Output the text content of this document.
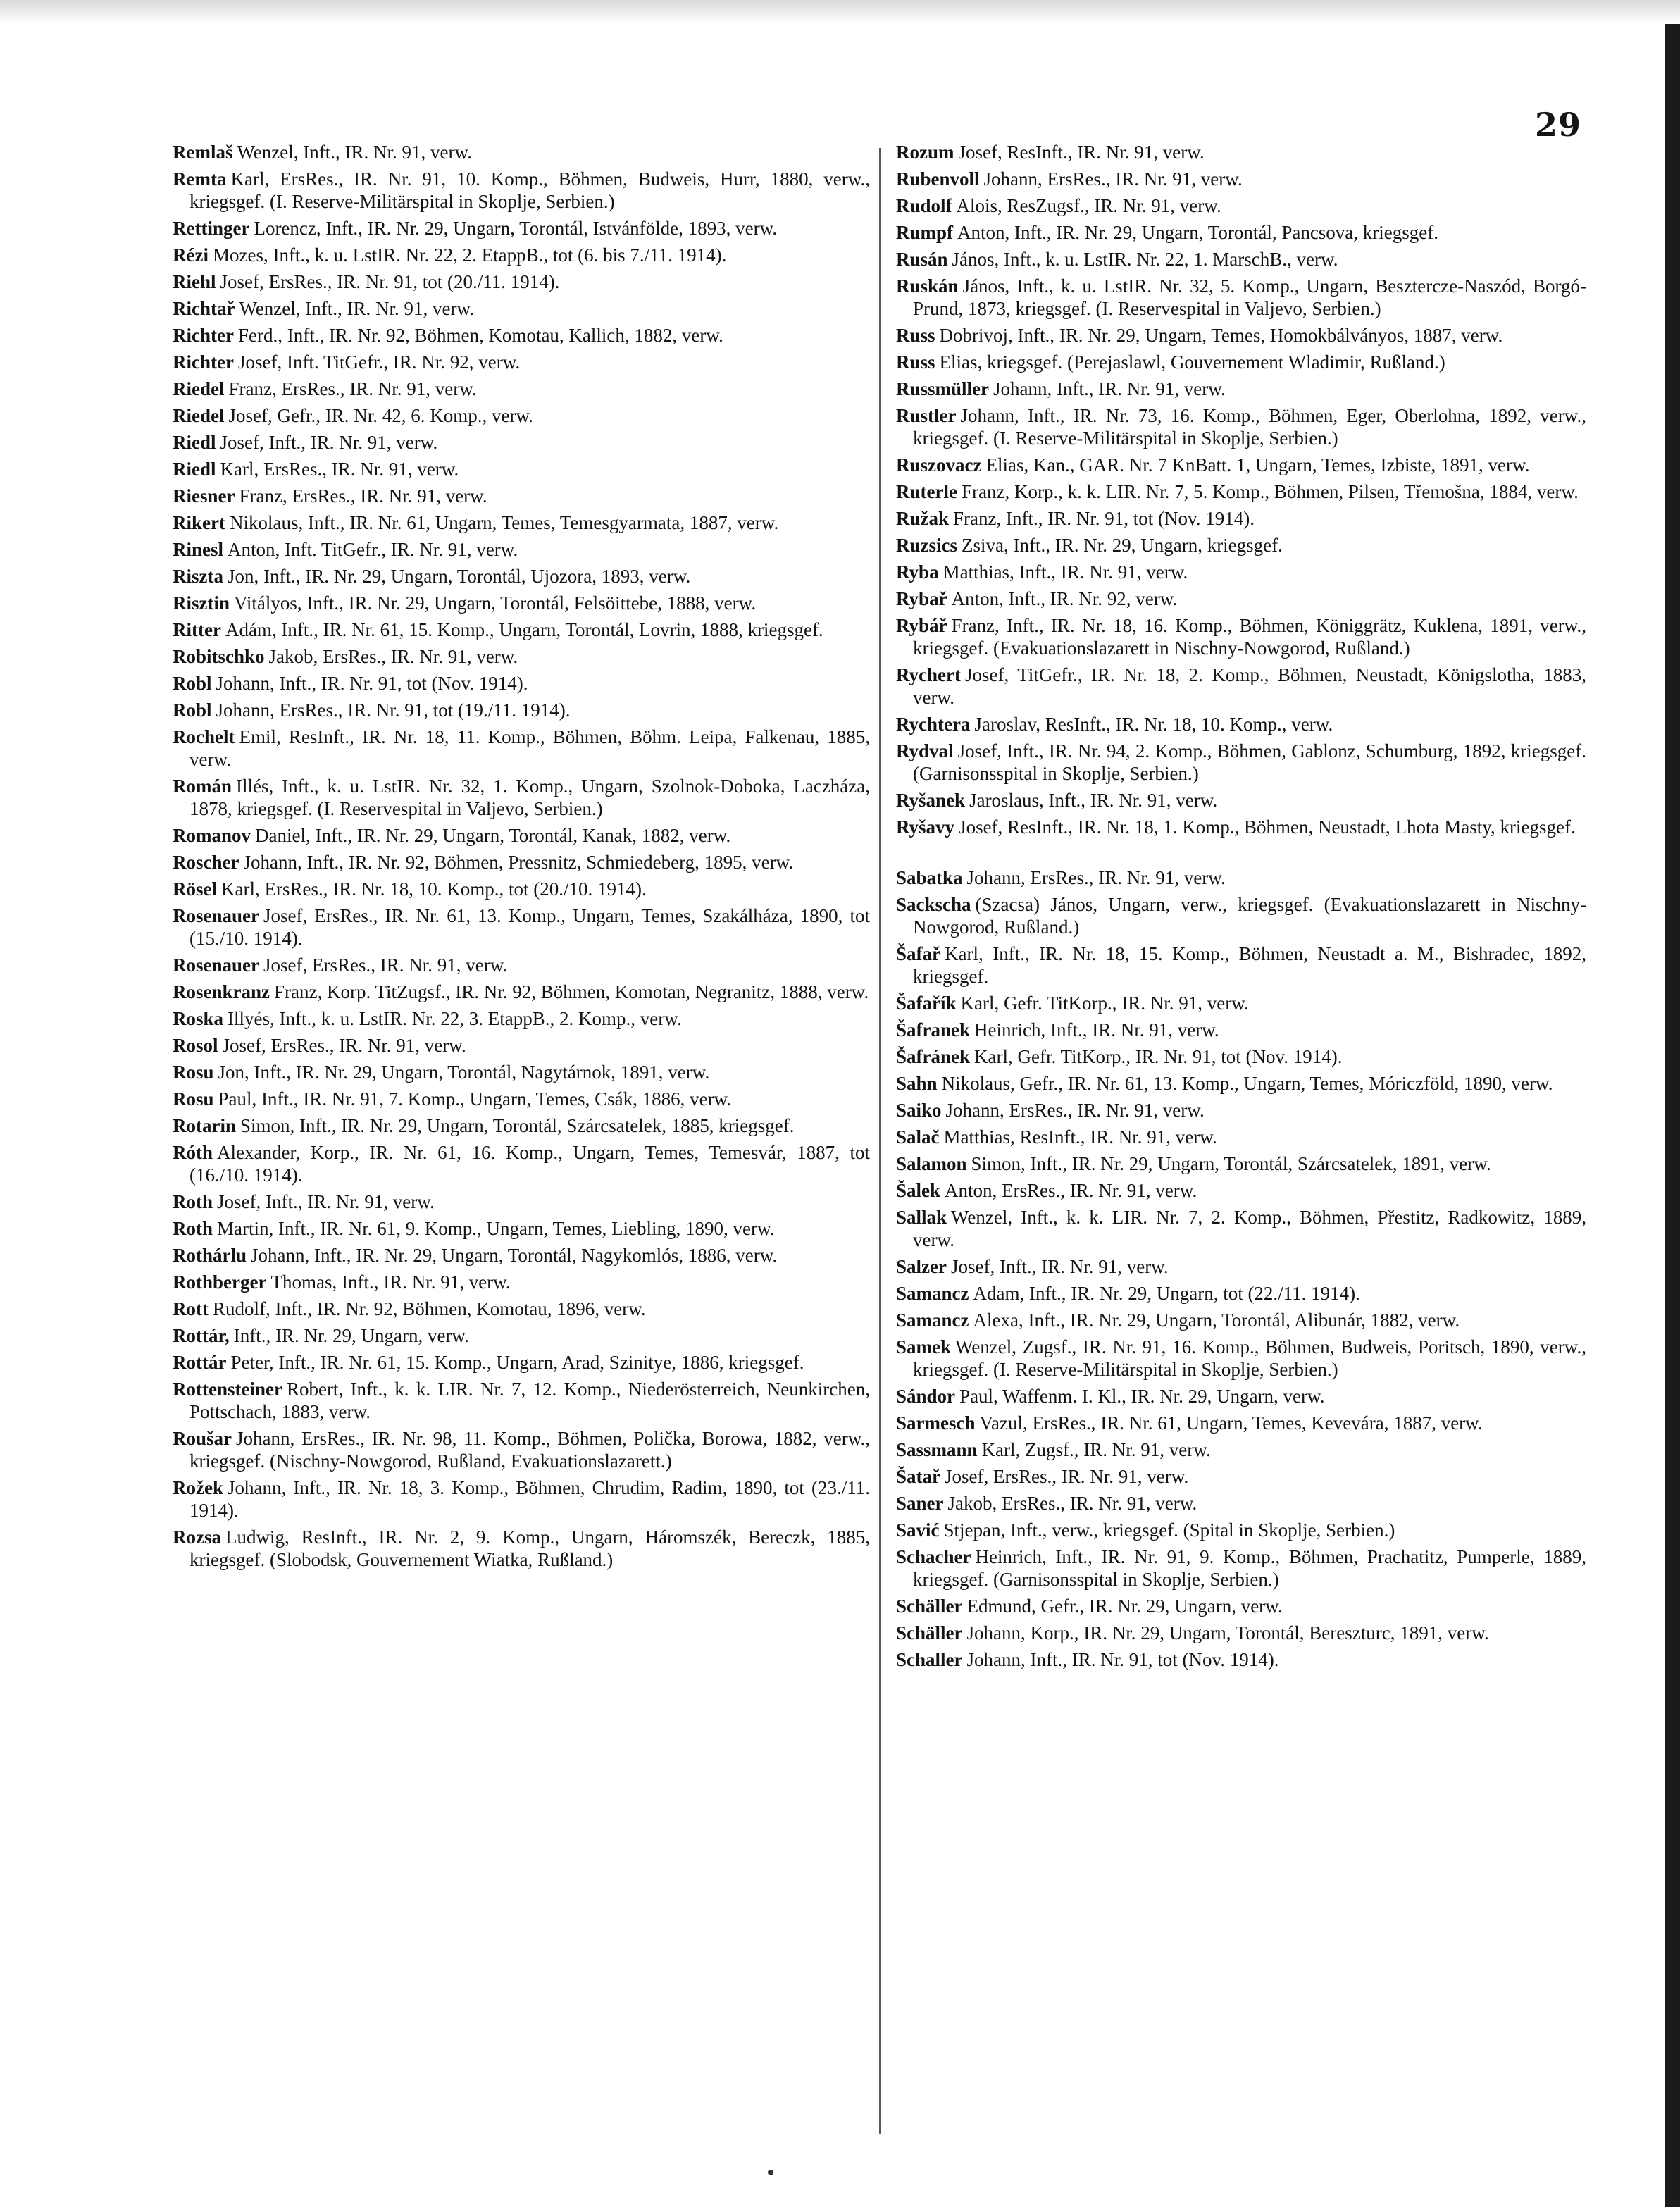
29

Remlaš Wenzel, Inft., IR. Nr. 91, verw.

Remta Karl, ErsRes., IR. Nr. 91, 10. Komp., Böhmen, Budweis, Hurr, 1880, verw., kriegsgef. (I. Reserve-Militärspital in Skoplje, Serbien.)

Rettinger Lorencz, Inft., IR. Nr. 29, Ungarn, Torontál, Istvánfölde, 1893, verw.

Rézi Mozes, Inft., k. u. LstIR. Nr. 22, 2. EtappB., tot (6. bis 7./11. 1914).

Riehl Josef, ErsRes., IR. Nr. 91, tot (20./11. 1914).

Richtař Wenzel, Inft., IR. Nr. 91, verw.

Richter Ferd., Inft., IR. Nr. 92, Böhmen, Komotau, Kallich, 1882, verw.

Richter Josef, Inft. TitGefr., IR. Nr. 92, verw.

Riedel Franz, ErsRes., IR. Nr. 91, verw.

Riedel Josef, Gefr., IR. Nr. 42, 6. Komp., verw.

Riedl Josef, Inft., IR. Nr. 91, verw.

Riedl Karl, ErsRes., IR. Nr. 91, verw.

Riesner Franz, ErsRes., IR. Nr. 91, verw.

Rikert Nikolaus, Inft., IR. Nr. 61, Ungarn, Temes, Temesgyarmata, 1887, verw.

Rinesl Anton, Inft. TitGefr., IR. Nr. 91, verw.

Riszta Jon, Inft., IR. Nr. 29, Ungarn, Torontál, Ujozora, 1893, verw.

Risztin Vitályos, Inft., IR. Nr. 29, Ungarn, Torontál, Felsöittebe, 1888, verw.

Ritter Adám, Inft., IR. Nr. 61, 15. Komp., Ungarn, Torontál, Lovrin, 1888, kriegsgef.

Robitschko Jakob, ErsRes., IR. Nr. 91, verw.

Robl Johann, Inft., IR. Nr. 91, tot (Nov. 1914).

Robl Johann, ErsRes., IR. Nr. 91, tot (19./11. 1914).

Rochelt Emil, ResInft., IR. Nr. 18, 11. Komp., Böhmen, Böhm. Leipa, Falkenau, 1885, verw.

Román Illés, Inft., k. u. LstIR. Nr. 32, 1. Komp., Ungarn, Szolnok-Doboka, Laczháza, 1878, kriegsgef. (I. Reservespital in Valjevo, Serbien.)

Romanov Daniel, Inft., IR. Nr. 29, Ungarn, Torontál, Kanak, 1882, verw.

Roscher Johann, Inft., IR. Nr. 92, Böhmen, Pressnitz, Schmiedeberg, 1895, verw.

Rösel Karl, ErsRes., IR. Nr. 18, 10. Komp., tot (20./10. 1914).

Rosenauer Josef, ErsRes., IR. Nr. 61, 13. Komp., Ungarn, Temes, Szakálháza, 1890, tot (15./10. 1914).

Rosenauer Josef, ErsRes., IR. Nr. 91, verw.

Rosenkranz Franz, Korp. TitZugsf., IR. Nr. 92, Böhmen, Komotan, Negranitz, 1888, verw.

Roska Illyés, Inft., k. u. LstIR. Nr. 22, 3. EtappB., 2. Komp., verw.

Rosol Josef, ErsRes., IR. Nr. 91, verw.

Rosu Jon, Inft., IR. Nr. 29, Ungarn, Torontál, Nagytárnok, 1891, verw.

Rosu Paul, Inft., IR. Nr. 91, 7. Komp., Ungarn, Temes, Csák, 1886, verw.

Rotarin Simon, Inft., IR. Nr. 29, Ungarn, Torontál, Szárcsatelek, 1885, kriegsgef.

Róth Alexander, Korp., IR. Nr. 61, 16. Komp., Ungarn, Temes, Temesvár, 1887, tot (16./10. 1914).

Roth Josef, Inft., IR. Nr. 91, verw.

Roth Martin, Inft., IR. Nr. 61, 9. Komp., Ungarn, Temes, Liebling, 1890, verw.

Rothárlu Johann, Inft., IR. Nr. 29, Ungarn, Torontál, Nagykomlós, 1886, verw.

Rothberger Thomas, Inft., IR. Nr. 91, verw.

Rott Rudolf, Inft., IR. Nr. 92, Böhmen, Komotau, 1896, verw.

Rottár, Inft., IR. Nr. 29, Ungarn, verw.

Rottár Peter, Inft., IR. Nr. 61, 15. Komp., Ungarn, Arad, Szinitye, 1886, kriegsgef.

Rottensteiner Robert, Inft., k. k. LIR. Nr. 7, 12. Komp., Niederösterreich, Neunkirchen, Pottschach, 1883, verw.

Roušar Johann, ErsRes., IR. Nr. 98, 11. Komp., Böhmen, Polička, Borowa, 1882, verw., kriegsgef. (Nischny-Nowgorod, Rußland, Evakuationslazarett.)

Rožek Johann, Inft., IR. Nr. 18, 3. Komp., Böhmen, Chrudim, Radim, 1890, tot (23./11. 1914).

Rozsa Ludwig, ResInft., IR. Nr. 2, 9. Komp., Ungarn, Háromszék, Bereczk, 1885, kriegsgef. (Slobodsk, Gouvernement Wiatka, Rußland.)

Rozum Josef, ResInft., IR. Nr. 91, verw.

Rubenvoll Johann, ErsRes., IR. Nr. 91, verw.

Rudolf Alois, ResZugsf., IR. Nr. 91, verw.

Rumpf Anton, Inft., IR. Nr. 29, Ungarn, Torontál, Pancsova, kriegsgef.

Rusán János, Inft., k. u. LstIR. Nr. 22, 1. MarschB., verw.

Ruskán János, Inft., k. u. LstIR. Nr. 32, 5. Komp., Ungarn, Besztercze-Naszód, Borgó-Prund, 1873, kriegsgef. (I. Reservespital in Valjevo, Serbien.)

Russ Dobrivoj, Inft., IR. Nr. 29, Ungarn, Temes, Homokbálványos, 1887, verw.

Russ Elias, kriegsgef. (Perejaslawl, Gouvernement Wladimir, Rußland.)

Russmüller Johann, Inft., IR. Nr. 91, verw.

Rustler Johann, Inft., IR. Nr. 73, 16. Komp., Böhmen, Eger, Oberlohna, 1892, verw., kriegsgef. (I. Reserve-Militärspital in Skoplje, Serbien.)

Ruszovacz Elias, Kan., GAR. Nr. 7 KnBatt. 1, Ungarn, Temes, Izbiste, 1891, verw.

Ruterle Franz, Korp., k. k. LIR. Nr. 7, 5. Komp., Böhmen, Pilsen, Třemošna, 1884, verw.

Ružak Franz, Inft., IR. Nr. 91, tot (Nov. 1914).

Ruzsics Zsiva, Inft., IR. Nr. 29, Ungarn, kriegsgef.

Ryba Matthias, Inft., IR. Nr. 91, verw.

Rybař Anton, Inft., IR. Nr. 92, verw.

Rybář Franz, Inft., IR. Nr. 18, 16. Komp., Böhmen, Königgrätz, Kuklena, 1891, verw., kriegsgef. (Evakuationslazarett in Nischny-Nowgorod, Rußland.)

Rychert Josef, TitGefr., IR. Nr. 18, 2. Komp., Böhmen, Neustadt, Königslotha, 1883, verw.

Rychtera Jaroslav, ResInft., IR. Nr. 18, 10. Komp., verw.

Rydval Josef, Inft., IR. Nr. 94, 2. Komp., Böhmen, Gablonz, Schumburg, 1892, kriegsgef. (Garnisonsspital in Skoplje, Serbien.)

Ryšanek Jaroslaus, Inft., IR. Nr. 91, verw.

Ryšavy Josef, ResInft., IR. Nr. 18, 1. Komp., Böhmen, Neustadt, Lhota Masty, kriegsgef.

Sabatka Johann, ErsRes., IR. Nr. 91, verw.

Sackscha (Szacsa) János, Ungarn, verw., kriegsgef. (Evakuationslazarett in Nischny-Nowgorod, Rußland.)

Šafař Karl, Inft., IR. Nr. 18, 15. Komp., Böhmen, Neustadt a. M., Bishradec, 1892, kriegsgef.

Šafařík Karl, Gefr. TitKorp., IR. Nr. 91, verw.

Šafranek Heinrich, Inft., IR. Nr. 91, verw.

Šafránek Karl, Gefr. TitKorp., IR. Nr. 91, tot (Nov. 1914).

Sahn Nikolaus, Gefr., IR. Nr. 61, 13. Komp., Ungarn, Temes, Móriczföld, 1890, verw.

Saiko Johann, ErsRes., IR. Nr. 91, verw.

Salač Matthias, ResInft., IR. Nr. 91, verw.

Salamon Simon, Inft., IR. Nr. 29, Ungarn, Torontál, Szárcsatelek, 1891, verw.

Šalek Anton, ErsRes., IR. Nr. 91, verw.

Sallak Wenzel, Inft., k. k. LIR. Nr. 7, 2. Komp., Böhmen, Přestitz, Radkowitz, 1889, verw.

Salzer Josef, Inft., IR. Nr. 91, verw.

Samancz Adam, Inft., IR. Nr. 29, Ungarn, tot (22./11. 1914).

Samancz Alexa, Inft., IR. Nr. 29, Ungarn, Torontál, Alibunár, 1882, verw.

Samek Wenzel, Zugsf., IR. Nr. 91, 16. Komp., Böhmen, Budweis, Poritsch, 1890, verw., kriegsgef. (I. Reserve-Militärspital in Skoplje, Serbien.)

Sándor Paul, Waffenm. I. Kl., IR. Nr. 29, Ungarn, verw.

Sarmesch Vazul, ErsRes., IR. Nr. 61, Ungarn, Temes, Kevevára, 1887, verw.

Sassmann Karl, Zugsf., IR. Nr. 91, verw.

Šatař Josef, ErsRes., IR. Nr. 91, verw.

Saner Jakob, ErsRes., IR. Nr. 91, verw.

Savić Stjepan, Inft., verw., kriegsgef. (Spital in Skoplje, Serbien.)

Schacher Heinrich, Inft., IR. Nr. 91, 9. Komp., Böhmen, Prachatitz, Pumperle, 1889, kriegsgef. (Garnisonsspital in Skoplje, Serbien.)

Schäller Edmund, Gefr., IR. Nr. 29, Ungarn, verw.

Schäller Johann, Korp., IR. Nr. 29, Ungarn, Torontál, Bereszturc, 1891, verw.

Schaller Johann, Inft., IR. Nr. 91, tot (Nov. 1914).
